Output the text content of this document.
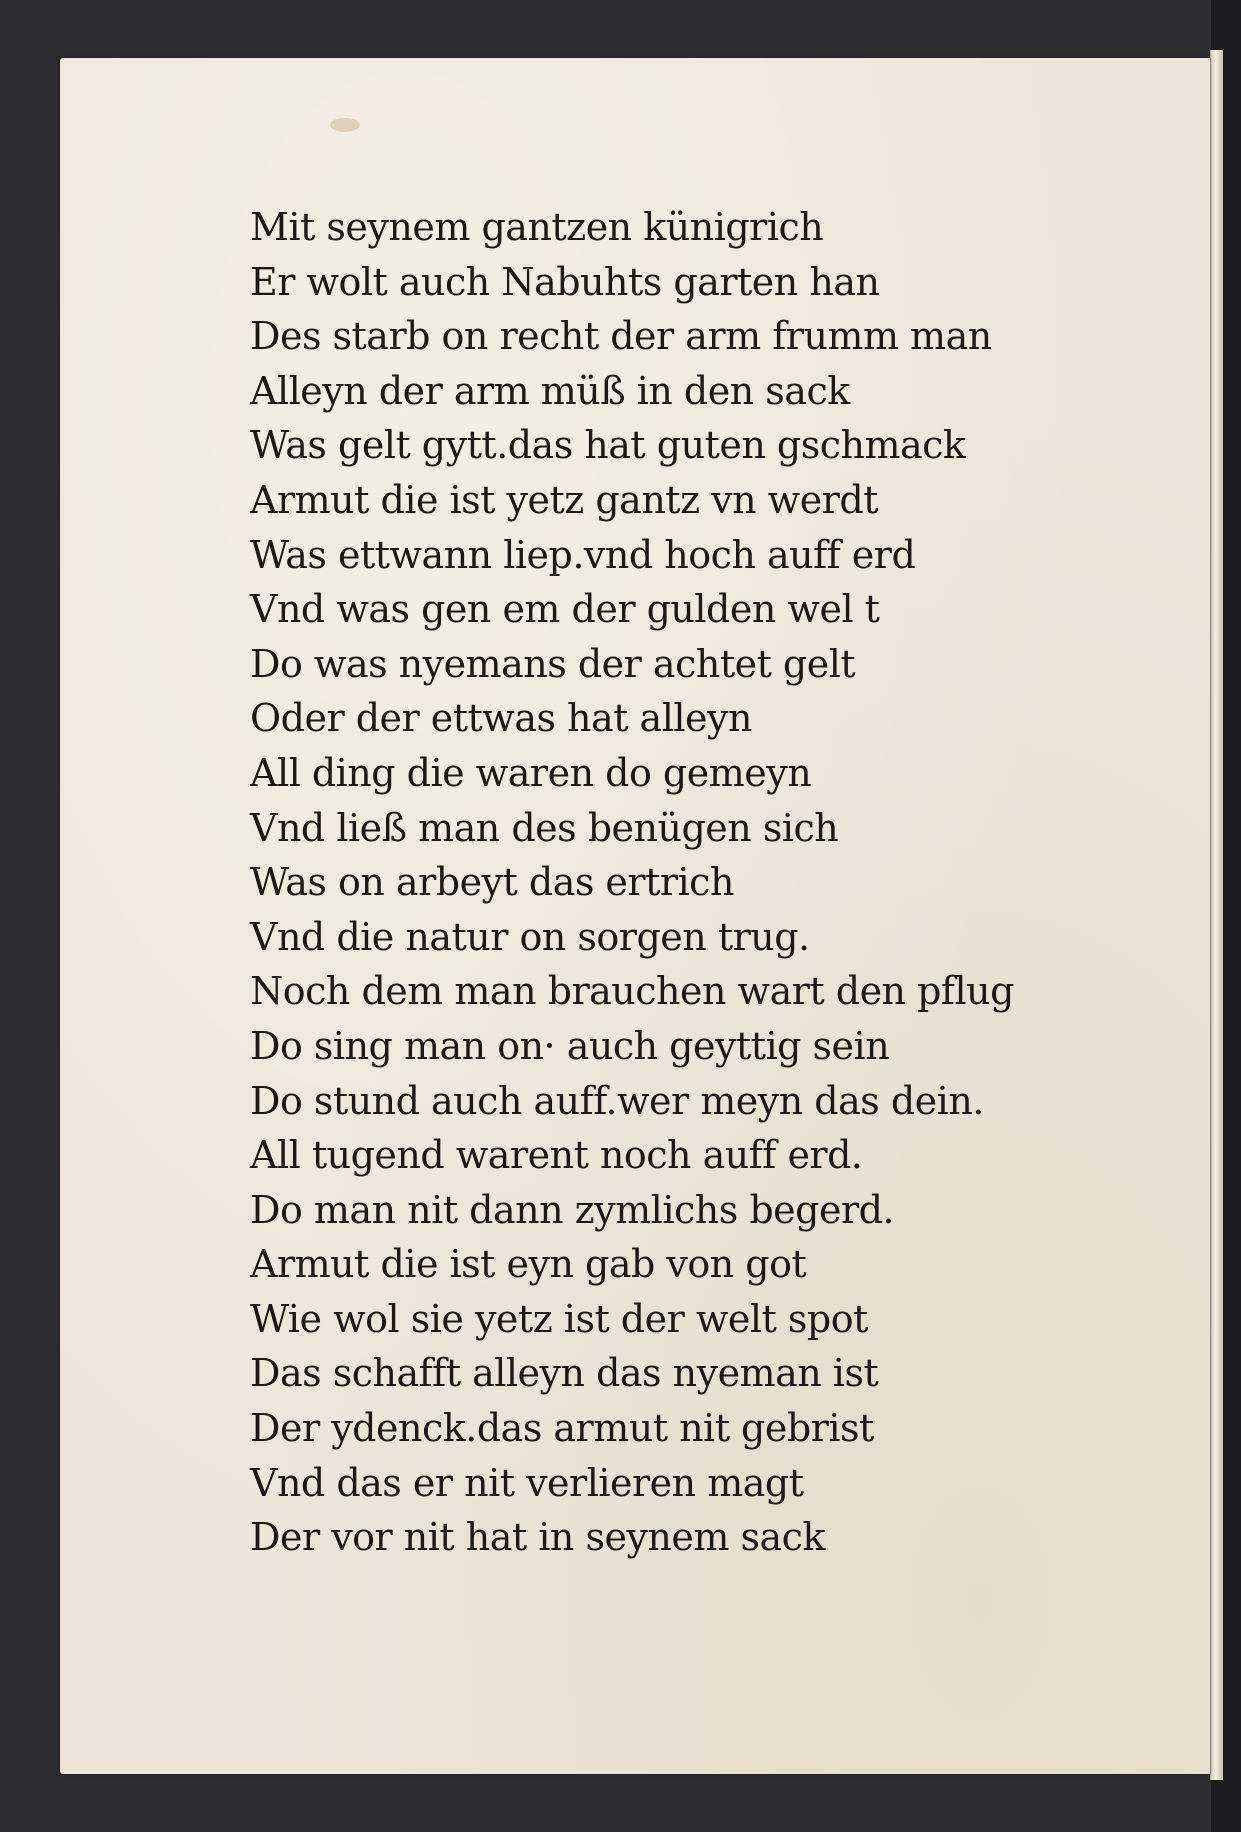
Mit seynem gantzen künigrich
Er wolt auch Nabuhts garten han
Des starb on recht der arm frumm man
Alleyn der arm müß in den sack
Was gelt gytt.das hat guten gschmack
Armut die ist yetz gantz vn werdt
Was ettwann liep.vnd hoch auff erd
Vnd was gen em der gulden wel t
Do was nyemans der achtet gelt
Oder der ettwas hat alleyn
All ding die waren do gemeyn
Vnd ließ man des benügen sich
Was on arbeyt das ertrich
Vnd die natur on sorgen trug.
Noch dem man brauchen wart den pflug
Do sing man on· auch geyttig sein
Do stund auch auff.wer meyn das dein.
All tugend warent noch auff erd.
Do man nit dann zymlichs begerd.
Armut die ist eyn gab von got
Wie wol sie yetz ist der welt spot
Das schafft alleyn das nyeman ist
Der ydenck.das armut nit gebrist
Vnd das er nit verlieren magt
Der vor nit hat in seynem sack
